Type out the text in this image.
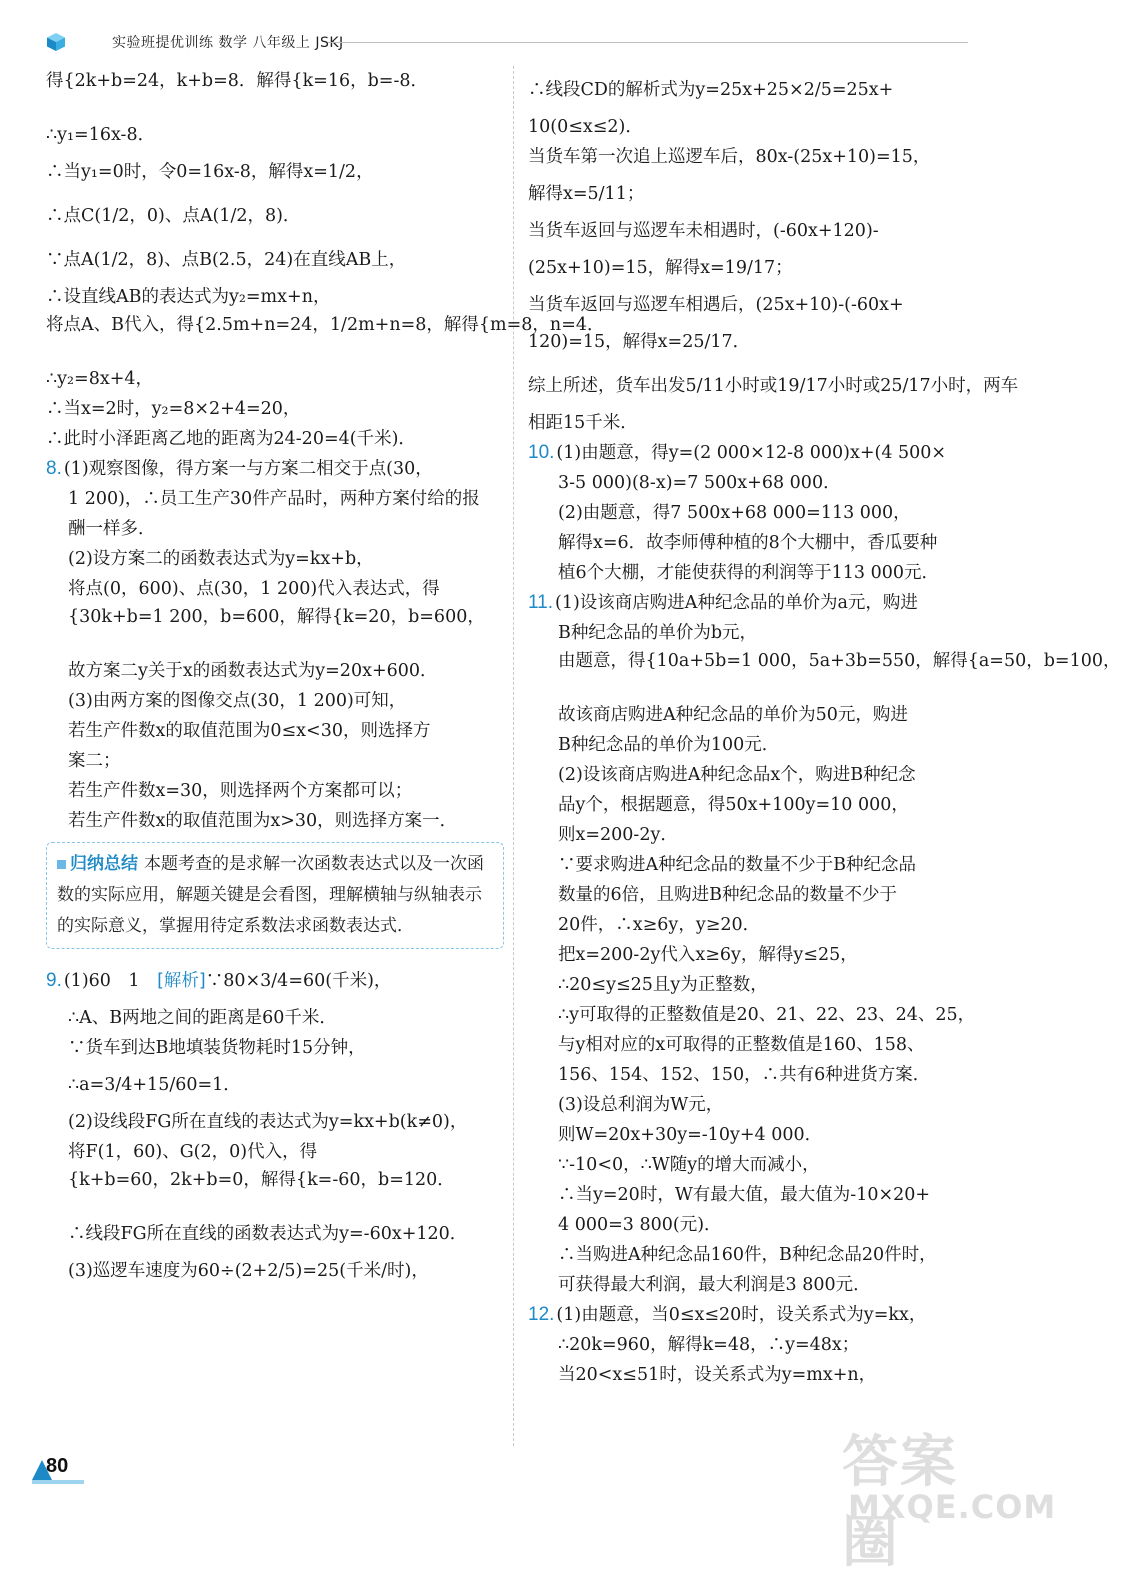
实验班提优训练 数学 八年级上 JSKJ
得{2k+b=24，k+b=8．解得{k=16，b=-8．
∴y₁=16x-8．
∴当y₁=0时，令0=16x-8，解得x=1/2，
∴点C(1/2，0)、点A(1/2，8)．
∵点A(1/2，8)、点B(2.5，24)在直线AB上，
∴设直线AB的表达式为y₂=mx+n，
将点A、B代入，得{2.5m+n=24，1/2m+n=8，解得{m=8，n=4．
∴y₂=8x+4，
∴当x=2时，y₂=8×2+4=20，
∴此时小泽距离乙地的距离为24-20=4(千米)．
8. (1)观察图像，得方案一与方案二相交于点(30，
1 200)，∴员工生产30件产品时，两种方案付给的报
酬一样多．
(2)设方案二的函数表达式为y=kx+b，
将点(0，600)、点(30，1 200)代入表达式，得
{30k+b=1 200，b=600，解得{k=20，b=600，
故方案二y关于x的函数表达式为y=20x+600．
(3)由两方案的图像交点(30，1 200)可知，
若生产件数x的取值范围为0≤x<30，则选择方
案二；
若生产件数x=30，则选择两个方案都可以；
若生产件数x的取值范围为x>30，则选择方案一．
归纳总结 本题考查的是求解一次函数表达式以及一次函数的实际应用，解题关键是会看图，理解横轴与纵轴表示的实际意义，掌握用待定系数法求函数表达式．
9. (1)60　1　[解析]∵80×3/4=60(千米)，
∴A、B两地之间的距离是60千米．
∵货车到达B地填装货物耗时15分钟，
∴a=3/4+15/60=1．
(2)设线段FG所在直线的表达式为y=kx+b(k≠0)，
将F(1，60)、G(2，0)代入，得
{k+b=60，2k+b=0，解得{k=-60，b=120．
∴线段FG所在直线的函数表达式为y=-60x+120．
(3)巡逻车速度为60÷(2+2/5)=25(千米/时)，
∴线段CD的解析式为y=25x+25×2/5=25x+
10(0≤x≤2)．
当货车第一次追上巡逻车后，80x-(25x+10)=15，
解得x=5/11；
当货车返回与巡逻车未相遇时，(-60x+120)-
(25x+10)=15，解得x=19/17；
当货车返回与巡逻车相遇后，(25x+10)-(-60x+
120)=15，解得x=25/17．
综上所述，货车出发5/11小时或19/17小时或25/17小时，两车
相距15千米．
10. (1)由题意，得y=(2 000×12-8 000)x+(4 500×
3-5 000)(8-x)=7 500x+68 000．
(2)由题意，得7 500x+68 000=113 000，
解得x=6．故李师傅种植的8个大棚中，香瓜要种
植6个大棚，才能使获得的利润等于113 000元．
11. (1)设该商店购进A种纪念品的单价为a元，购进
B种纪念品的单价为b元，
由题意，得{10a+5b=1 000，5a+3b=550，解得{a=50，b=100，
故该商店购进A种纪念品的单价为50元，购进
B种纪念品的单价为100元．
(2)设该商店购进A种纪念品x个，购进B种纪念
品y个，根据题意，得50x+100y=10 000，
则x=200-2y．
∵要求购进A种纪念品的数量不少于B种纪念品
数量的6倍，且购进B种纪念品的数量不少于
20件，∴x≥6y，y≥20．
把x=200-2y代入x≥6y，解得y≤25，
∴20≤y≤25且y为正整数，
∴y可取得的正整数值是20、21、22、23、24、25，
与y相对应的x可取得的正整数值是160、158、
156、154、152、150，∴共有6种进货方案．
(3)设总利润为W元，
则W=20x+30y=-10y+4 000．
∵-10<0，∴W随y的增大而减小，
∴当y=20时，W有最大值，最大值为-10×20+
4 000=3 800(元)．
∴当购进A种纪念品160件，B种纪念品20件时，
可获得最大利润，最大利润是3 800元．
12. (1)由题意，当0≤x≤20时，设关系式为y=kx，
∴20k=960，解得k=48，∴y=48x；
当20<x≤51时，设关系式为y=mx+n，
80	答案圈
MXQE.COM
